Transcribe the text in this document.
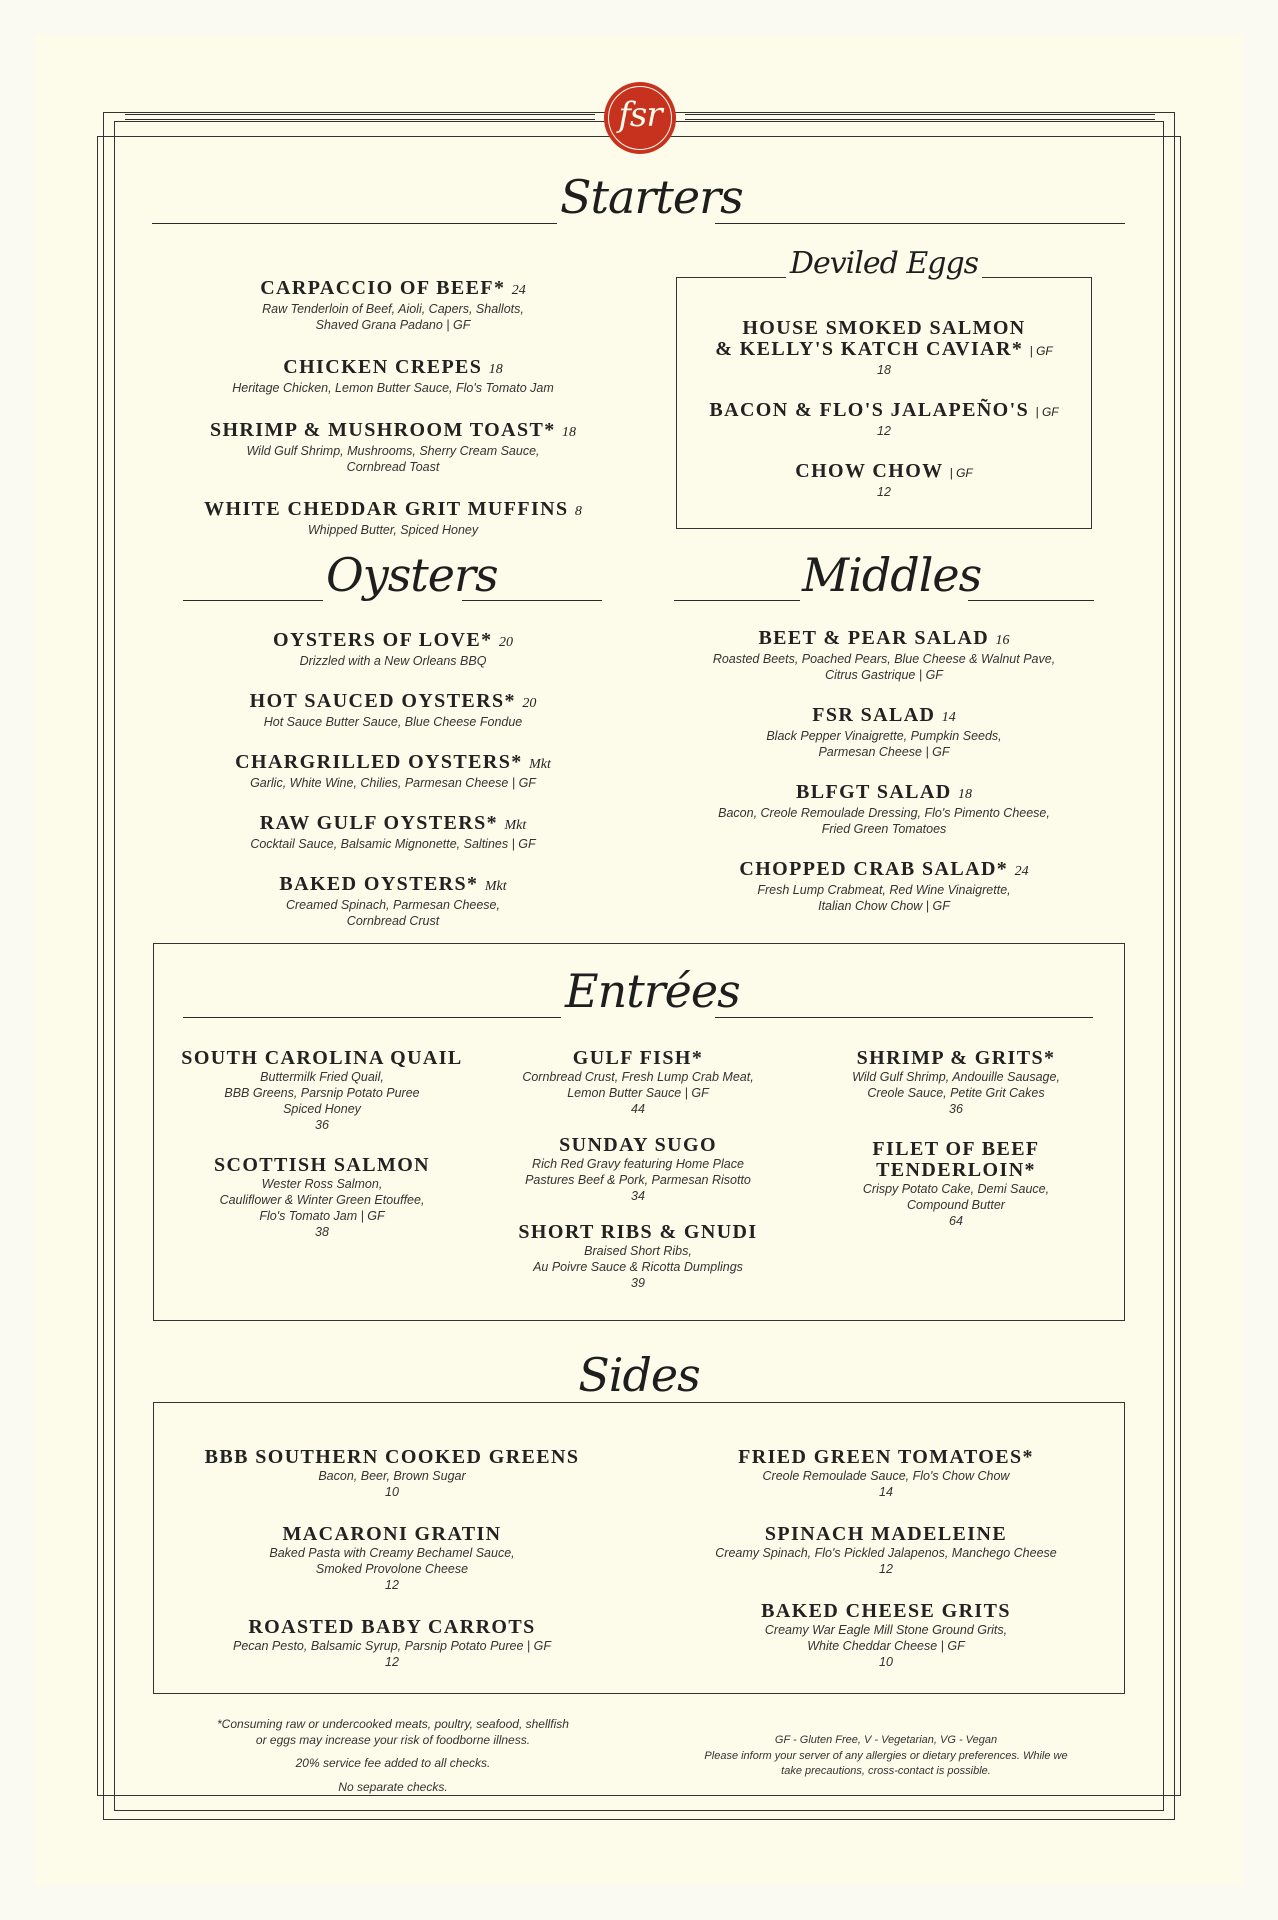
fsr
Starters
CARPACCIO OF BEEF* 24
Raw Tenderloin of Beef, Aioli, Capers, Shallots,
Shaved Grana Padano | GF
CHICKEN CREPES 18
Heritage Chicken, Lemon Butter Sauce, Flo's Tomato Jam
SHRIMP & MUSHROOM TOAST* 18
Wild Gulf Shrimp, Mushrooms, Sherry Cream Sauce,
Cornbread Toast
WHITE CHEDDAR GRIT MUFFINS 8
Whipped Butter, Spiced Honey
Deviled Eggs
HOUSE SMOKED SALMON
& KELLY'S KATCH CAVIAR* | GF
18
BACON & FLO'S JALAPEÑO'S | GF
12
CHOW CHOW | GF
12
Oysters
OYSTERS OF LOVE* 20
Drizzled with a New Orleans BBQ
HOT SAUCED OYSTERS* 20
Hot Sauce Butter Sauce, Blue Cheese Fondue
CHARGRILLED OYSTERS* Mkt
Garlic, White Wine, Chilies, Parmesan Cheese | GF
RAW GULF OYSTERS* Mkt
Cocktail Sauce, Balsamic Mignonette, Saltines | GF
BAKED OYSTERS* Mkt
Creamed Spinach, Parmesan Cheese,
Cornbread Crust
Middles
BEET & PEAR SALAD 16
Roasted Beets, Poached Pears, Blue Cheese & Walnut Pave,
Citrus Gastrique | GF
FSR SALAD 14
Black Pepper Vinaigrette, Pumpkin Seeds,
Parmesan Cheese | GF
BLFGT SALAD 18
Bacon, Creole Remoulade Dressing, Flo's Pimento Cheese,
Fried Green Tomatoes
CHOPPED CRAB SALAD* 24
Fresh Lump Crabmeat, Red Wine Vinaigrette,
Italian Chow Chow | GF
Entrées
SOUTH CAROLINA QUAIL
Buttermilk Fried Quail,
BBB Greens, Parsnip Potato Puree
Spiced Honey
36
SCOTTISH SALMON
Wester Ross Salmon,
Cauliflower & Winter Green Etouffee,
Flo's Tomato Jam | GF
38
GULF FISH*
Cornbread Crust, Fresh Lump Crab Meat,
Lemon Butter Sauce | GF
44
SUNDAY SUGO
Rich Red Gravy featuring Home Place
Pastures Beef & Pork, Parmesan Risotto
34
SHORT RIBS & GNUDI
Braised Short Ribs,
Au Poivre Sauce & Ricotta Dumplings
39
SHRIMP & GRITS*
Wild Gulf Shrimp, Andouille Sausage,
Creole Sauce, Petite Grit Cakes
36
FILET OF BEEF
TENDERLOIN*
Crispy Potato Cake, Demi Sauce,
Compound Butter
64
Sides
BBB SOUTHERN COOKED GREENS
Bacon, Beer, Brown Sugar
10
MACARONI GRATIN
Baked Pasta with Creamy Bechamel Sauce,
Smoked Provolone Cheese
12
ROASTED BABY CARROTS
Pecan Pesto, Balsamic Syrup, Parsnip Potato Puree | GF
12
FRIED GREEN TOMATOES*
Creole Remoulade Sauce, Flo's Chow Chow
14
SPINACH MADELEINE
Creamy Spinach, Flo's Pickled Jalapenos, Manchego Cheese
12
BAKED CHEESE GRITS
Creamy War Eagle Mill Stone Ground Grits,
White Cheddar Cheese | GF
10
*Consuming raw or undercooked meats, poultry, seafood, shellfish
or eggs may increase your risk of foodborne illness.
20% service fee added to all checks.
No separate checks.
GF - Gluten Free, V - Vegetarian, VG - Vegan
Please inform your server of any allergies or dietary preferences. While we
take precautions, cross-contact is possible.
